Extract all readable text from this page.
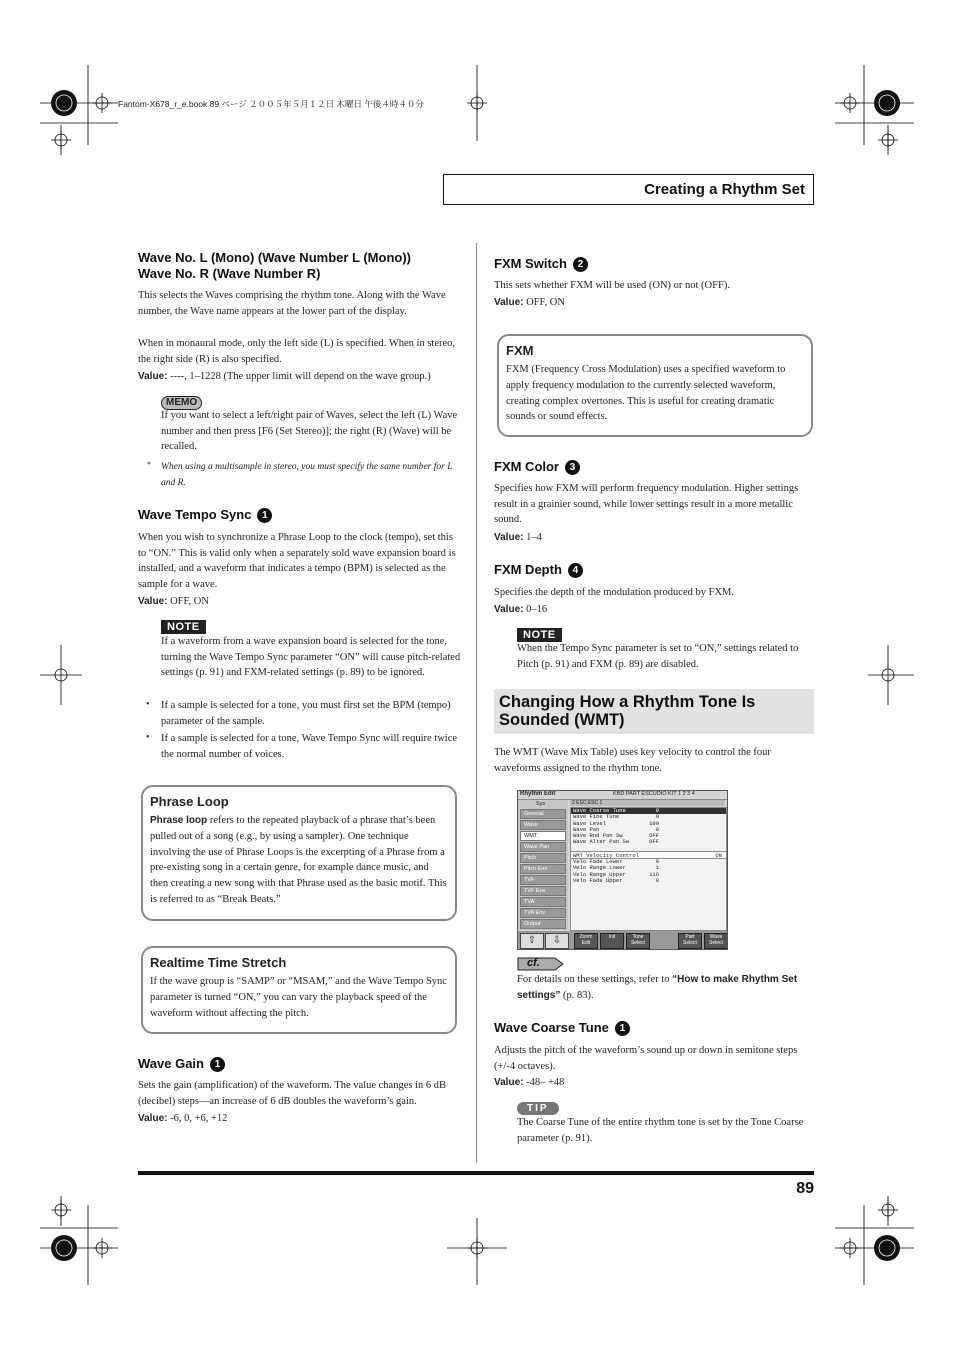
Fantom-X678_r_e.book 89 ページ ２００５年５月１２日 木曜日 午後４時４０分
Creating a Rhythm Set
Wave No. L (Mono) (Wave Number L (Mono))
Wave No. R (Wave Number R)
This selects the Waves comprising the rhythm tone. Along with the Wave number, the Wave name appears at the lower part of the display.
When in monaural mode, only the left side (L) is specified. When in stereo, the right side (R) is also specified.
Value: ----, 1–1228 (The upper limit will depend on the wave group.)
MEMO
If you want to select a left/right pair of Waves, select the left (L) Wave number and then press [F6 (Set Stereo)]; the right (R) (Wave) will be recalled.
* When using a multisample in stereo, you must specify the same number for L and R.
Wave Tempo Sync 1
When you wish to synchronize a Phrase Loop to the clock (tempo), set this to “ON.” This is valid only when a separately sold wave expansion board is installed, and a waveform that indicates a tempo (BPM) is selected as the sample for a wave.
Value: OFF, ON
NOTE
If a waveform from a wave expansion board is selected for the tone, turning the Wave Tempo Sync parameter “ON” will cause pitch-related settings (p. 91) and FXM-related settings (p. 89) to be ignored.
•	If a sample is selected for a tone, you must first set the BPM (tempo) parameter of the sample.
•	If a sample is selected for a tone, Wave Tempo Sync will require twice the normal number of voices.
Phrase Loop
Phrase loop refers to the repeated playback of a phrase that’s been pulled out of a song (e.g., by using a sampler). One technique involving the use of Phrase Loops is the excerpting of a Phrase from a pre-existing song in a certain genre, for example dance music, and then creating a new song with that Phrase used as the basic motif. This is referred to as “Break Beats.”
Realtime Time Stretch
If the wave group is “SAMP” or “MSAM,” and the Wave Tempo Sync parameter is turned “ON,” you can vary the playback speed of the waveform without affecting the pitch.
Wave Gain 1
Sets the gain (amplification) of the waveform. The value changes in 6 dB (decibel) steps—an increase of 6 dB doubles the waveform’s gain.
Value: -6, 0, +6, +12
FXM Switch 2
This sets whether FXM will be used (ON) or not (OFF).
Value: OFF, ON
FXM
FXM (Frequency Cross Modulation) uses a specified waveform to apply frequency modulation to the currently selected waveform, creating complex overtones. This is useful for creating dramatic sounds or sound effects.
FXM Color 3
Specifies how FXM will perform frequency modulation. Higher settings result in a grainier sound, while lower settings result in a more metallic sound.
Value: 1–4
FXM Depth 4
Specifies the depth of the modulation produced by FXM.
Value: 0–16
NOTE
When the Tempo Sync parameter is set to “ON,” settings related to Pitch (p. 91) and FXM (p. 89) are disabled.
Changing How a Rhythm Tone Is Sounded (WMT)
The WMT (Wave Mix Table) uses key velocity to control the four waveforms assigned to the rhythm tone.
Rhythm Edit	KBD PART ESCUDIO KIT 1 2 3 4
Sys
General
Wave
WMT
Wave Pan
Pitch
Pitch Env
TVF
TVF Env
TVA
TVA Env
Output
2 ESC.ESC 1
Wave Coarse Tune	0
Wave Fine Tune	0
Wave Level	100
Wave Pan	0
Wave Rnd Pan Sw	OFF
Wave Alter Pan Sw	OFF
WMT Velocity Control	ON
Velo Fade Lower	0
Velo Range Lower	1
Velo Range Upper	116
Velo Fade Upper	0
⇧	⇩	Zoom Edit
Init	Tone Select
Part Select
Wave Select
cf.
For details on these settings, refer to “How to make Rhythm Set settings” (p. 83).
Wave Coarse Tune 1
Adjusts the pitch of the waveform’s sound up or down in semitone steps (+/-4 octaves).
Value: -48– +48
TIP
The Coarse Tune of the entire rhythm tone is set by the Tone Coarse parameter (p. 91).
89
